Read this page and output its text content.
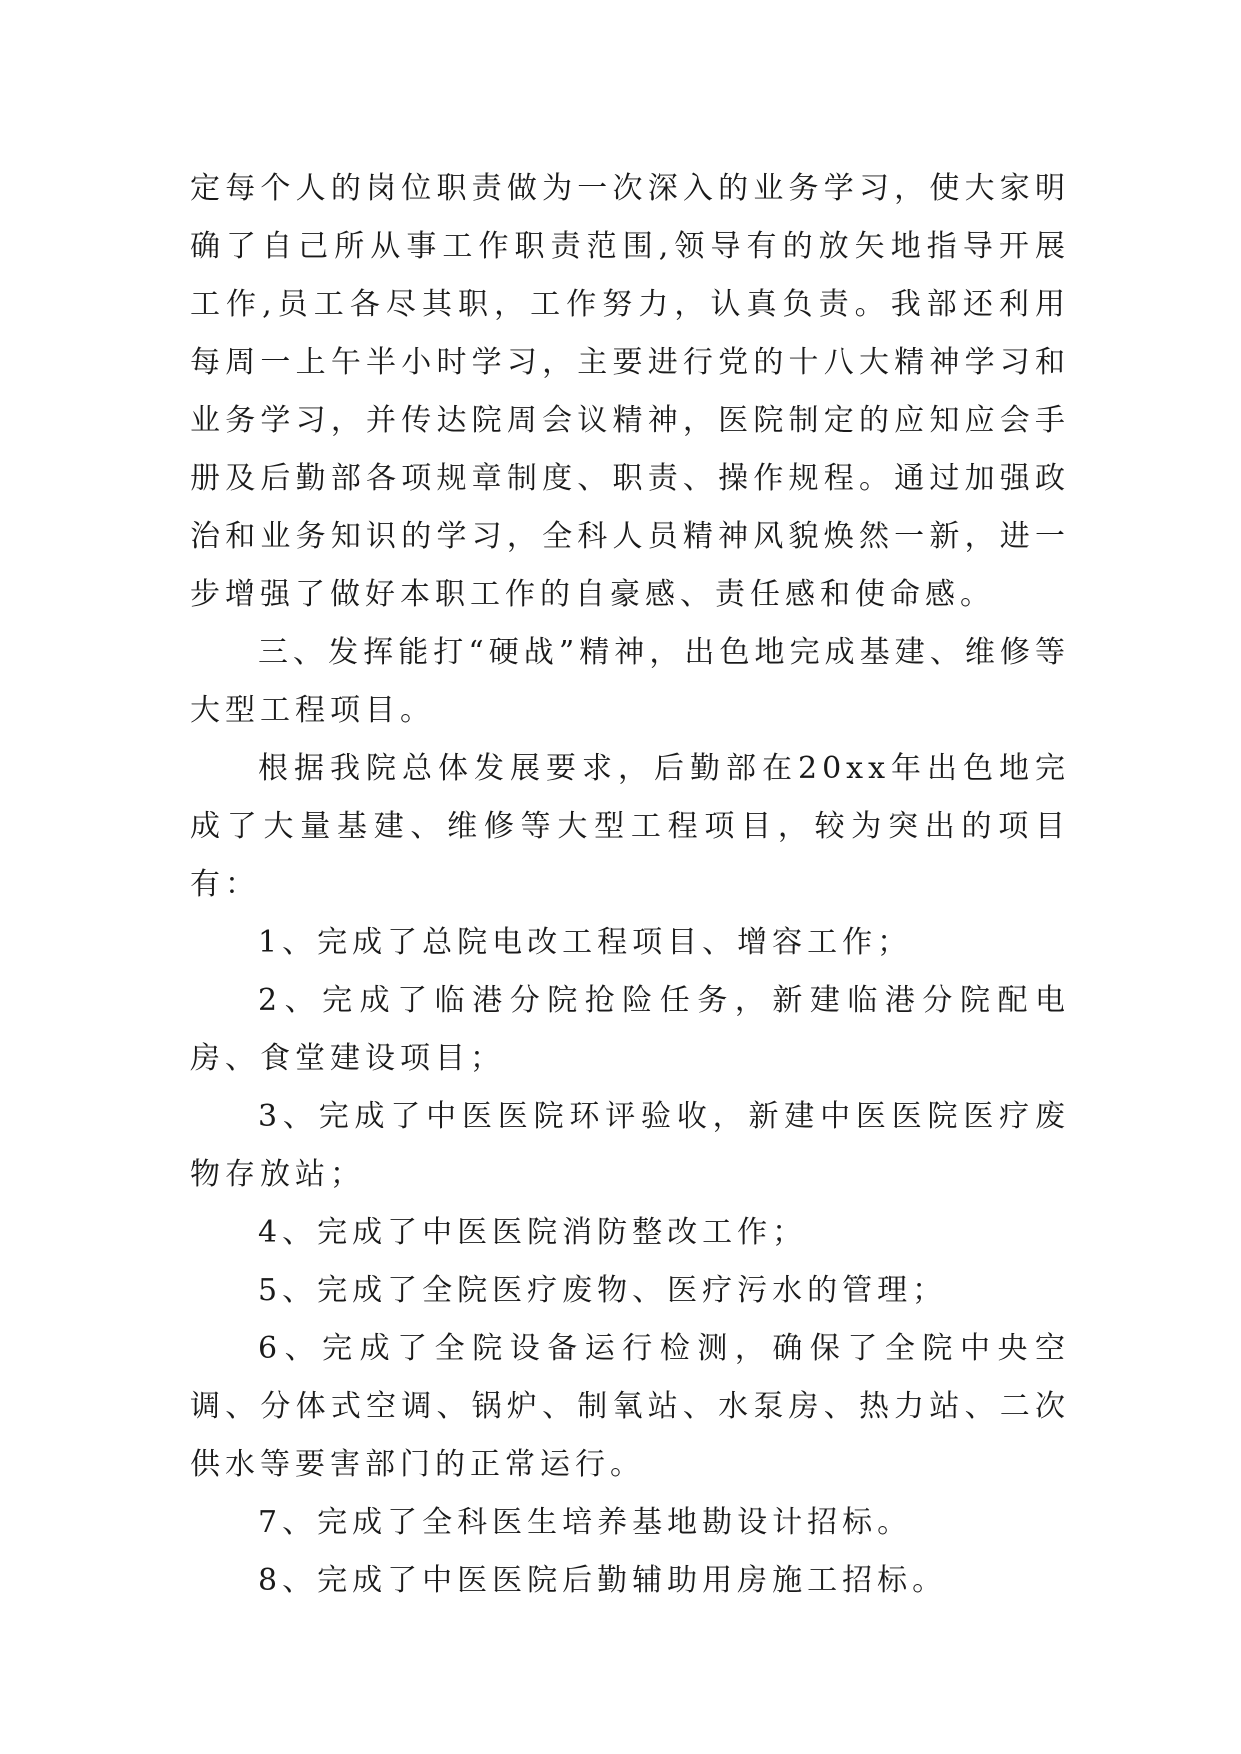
定每个人的岗位职责做为一次深入的业务学习，使大家明确了自己所从事工作职责范围,领导有的放矢地指导开展工作,员工各尽其职，工作努力，认真负责。我部还利用每周一上午半小时学习，主要进行党的十八大精神学习和业务学习，并传达院周会议精神，医院制定的应知应会手册及后勤部各项规章制度、职责、操作规程。通过加强政治和业务知识的学习，全科人员精神风貌焕然一新，进一步增强了做好本职工作的自豪感、责任感和使命感。

三、发挥能打“硬战”精神，出色地完成基建、维修等大型工程项目。

根据我院总体发展要求，后勤部在20xx年出色地完成了大量基建、维修等大型工程项目，较为突出的项目有：

1、完成了总院电改工程项目、增容工作；

2、完成了临港分院抢险任务，新建临港分院配电房、食堂建设项目；

3、完成了中医医院环评验收，新建中医医院医疗废物存放站；

4、完成了中医医院消防整改工作；

5、完成了全院医疗废物、医疗污水的管理；

6、完成了全院设备运行检测，确保了全院中央空调、分体式空调、锅炉、制氧站、水泵房、热力站、二次供水等要害部门的正常运行。

7、完成了全科医生培养基地勘设计招标。

8、完成了中医医院后勤辅助用房施工招标。
